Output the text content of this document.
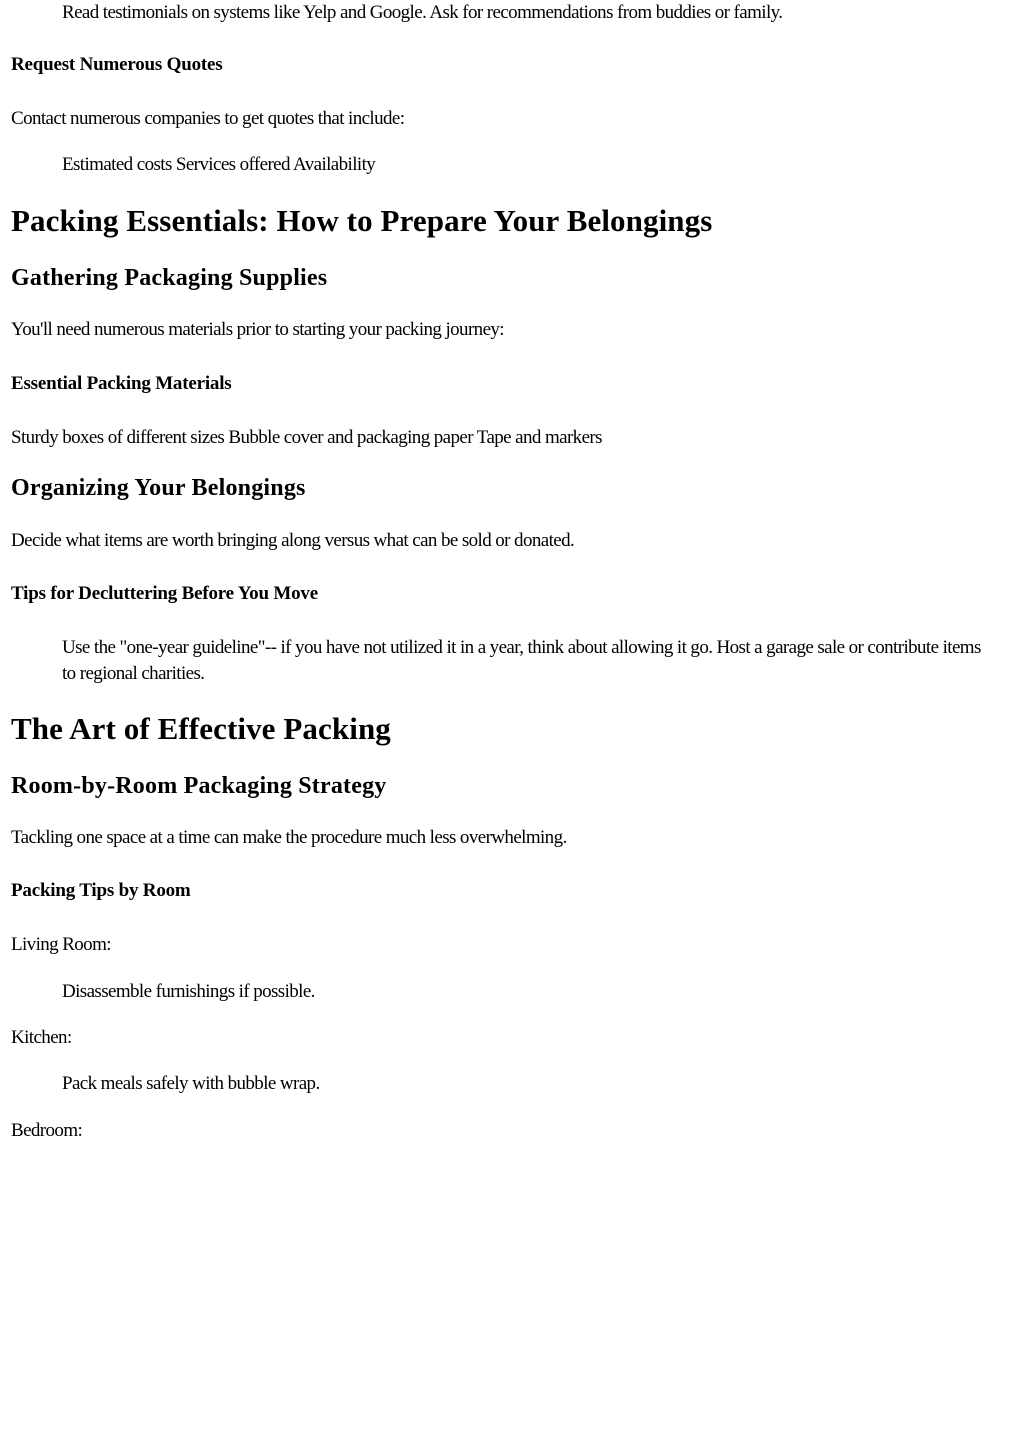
Read testimonials on systems like Yelp and Google. Ask for recommendations from buddies or family.

Request Numerous Quotes

Contact numerous companies to get quotes that include:

Estimated costs Services offered Availability

Packing Essentials: How to Prepare Your Belongings
Gathering Packaging Supplies

You'll need numerous materials prior to starting your packing journey:

Essential Packing Materials

Sturdy boxes of different sizes Bubble cover and packaging paper Tape and markers

Organizing Your Belongings

Decide what items are worth bringing along versus what can be sold or donated.

Tips for Decluttering Before You Move

Use the "one-year guideline"-- if you have not utilized it in a year, think about allowing it go. Host a garage sale or contribute items to regional charities.

The Art of Effective Packing
Room-by-Room Packaging Strategy

Tackling one space at a time can make the procedure much less overwhelming.

Packing Tips by Room

Living Room:

Disassemble furnishings if possible.

Kitchen:

Pack meals safely with bubble wrap.

Bedroom:
